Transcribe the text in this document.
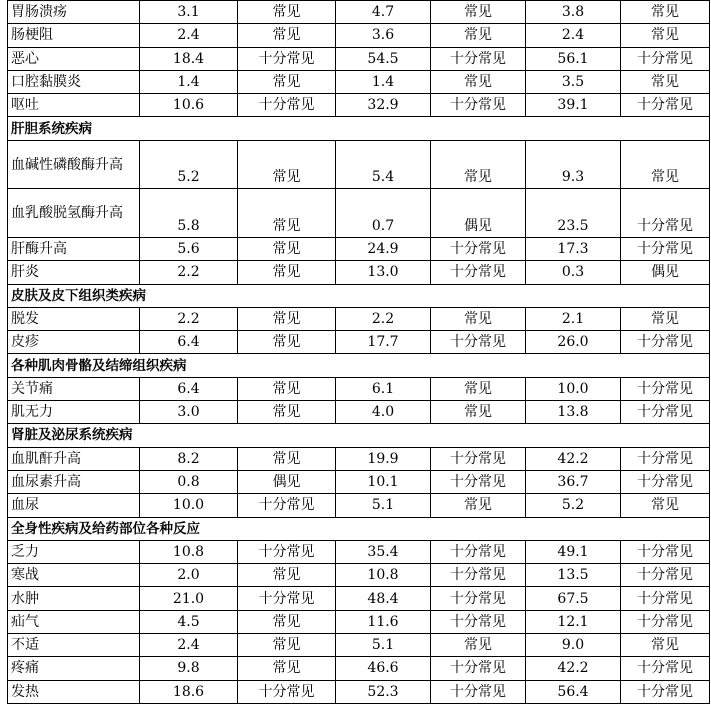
胃肠溃疡	3.1	常见	4.7	常见	3.8	常见
肠梗阻	2.4	常见	3.6	常见	2.4	常见
恶心	18.4	十分常见	54.5	十分常见	56.1	十分常见
口腔黏膜炎	1.4	常见	1.4	常见	3.5	常见
呕吐	10.6	十分常见	32.9	十分常见	39.1	十分常见
肝胆系统疾病						
血碱性磷酸酶升高	5.2	常见	5.4	常见	9.3	常见
血乳酸脱氢酶升高	5.8	常见	0.7	偶见	23.5	十分常见
肝酶升高	5.6	常见	24.9	十分常见	17.3	十分常见
肝炎	2.2	常见	13.0	十分常见	0.3	偶见
皮肤及皮下组织类疾病						
脱发	2.2	常见	2.2	常见	2.1	常见
皮疹	6.4	常见	17.7	十分常见	26.0	十分常见
各种肌肉骨骼及结缔组织疾病						
关节痛	6.4	常见	6.1	常见	10.0	十分常见
肌无力	3.0	常见	4.0	常见	13.8	十分常见
肾脏及泌尿系统疾病						
血肌酐升高	8.2	常见	19.9	十分常见	42.2	十分常见
血尿素升高	0.8	偶见	10.1	十分常见	36.7	十分常见
血尿	10.0	十分常见	5.1	常见	5.2	常见
全身性疾病及给药部位各种反应						
乏力	10.8	十分常见	35.4	十分常见	49.1	十分常见
寒战	2.0	常见	10.8	十分常见	13.5	十分常见
水肿	21.0	十分常见	48.4	十分常见	67.5	十分常见
疝气	4.5	常见	11.6	十分常见	12.1	十分常见
不适	2.4	常见	5.1	常见	9.0	常见
疼痛	9.8	常见	46.6	十分常见	42.2	十分常见
发热	18.6	十分常见	52.3	十分常见	56.4	十分常见
